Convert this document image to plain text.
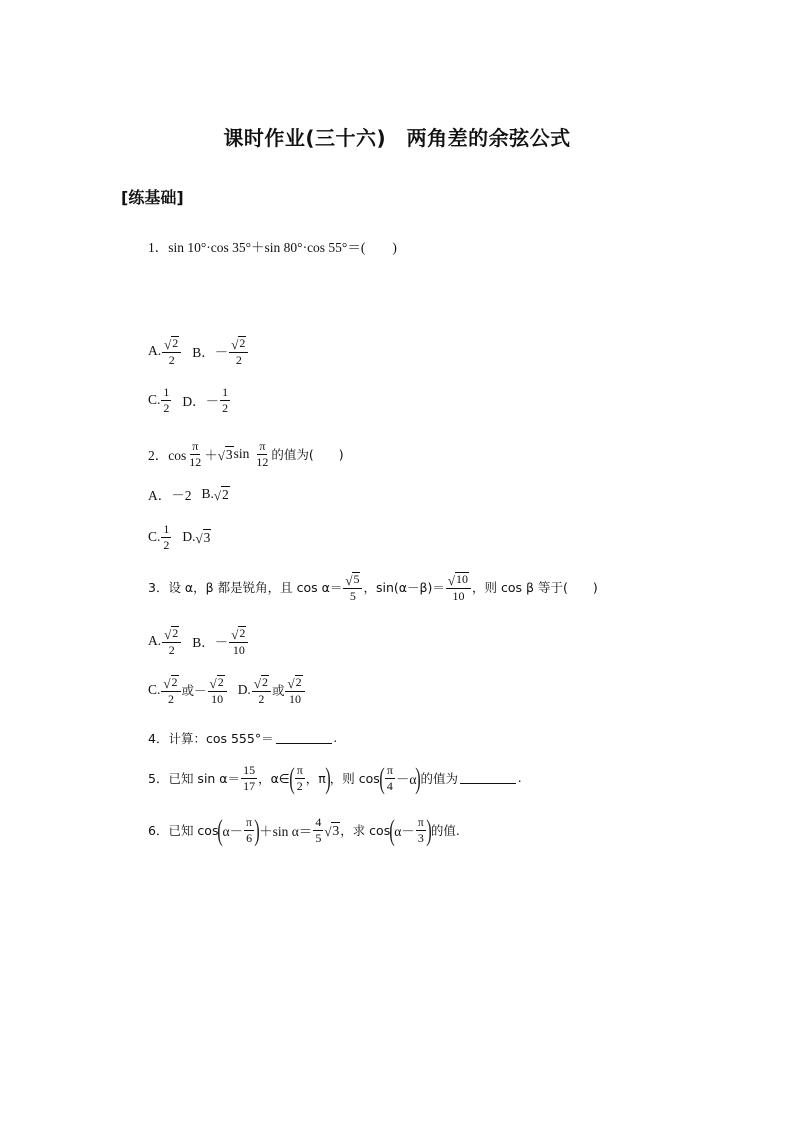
课时作业(三十六)　两角差的余弦公式
[练基础]
1．sin 10°·cos 35°＋sin 80°·cos 55°＝(　　)
A. $\frac{√ 2}{2}$ B．－ $\frac{√ 2}{2}$
C. $\frac{1}{2}$ D．－ $\frac{1}{2}$
2．$\cos \frac{\pi}{12}$ ＋ √ 3 $\sin \frac{\pi}{12}$ 的值为(　　)
A．－2 B. √ 2
C. $\frac{1}{2} D$. √ 3
3．设 α，β 都是锐角，且 $\cos \alpha= \frac{√ 5}{5}$ ，$\sin(\alpha-\beta)= \frac{√ 10}{10}$ ，则 cos β 等于(　　)
A. $\frac{√ 2}{2}$ B．－ $\frac{√ 2}{10}$
C. $\frac{√ 2}{2}$ 或－ $\frac{√ 2}{10} D$. $\frac{√ 2}{2}$ 或 $\frac{√ 2}{10}$
4．计算：cos 555°＝	.
5．已知 $\sin \alpha= \frac{15}{17}$ ，α∈ ( $\frac{\pi}{2}$ ，π ) ，则 cos ( $\frac{\pi}{4} -\alpha$ ) 的值为	.
6．已知 cos ( $\alpha- \frac{\pi}{6}$ ) ＋sin $\alpha= \frac{4}{5}$ √ 3 ，求 cos ( $\alpha- \frac{\pi}{3}$ ) 的值.
